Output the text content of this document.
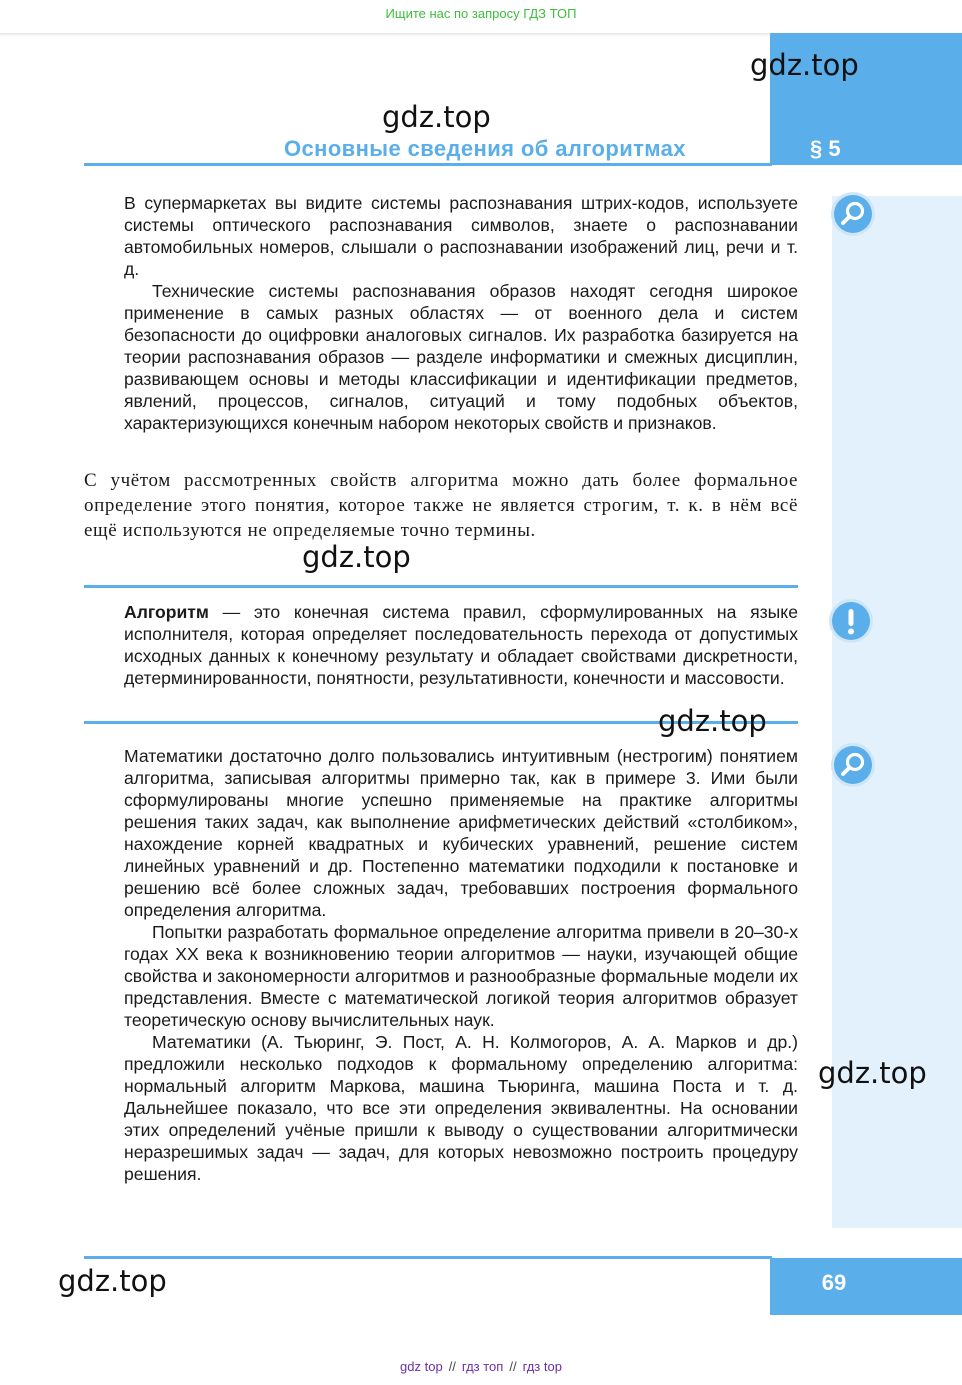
Ищите нас по запросу ГДЗ ТОП
gdz.top
gdz.top
Основные сведения об алгоритмах	§ 5

В супермаркетах вы видите системы распознавания штрих-кодов, используете системы оптического распознавания символов, знаете о распознавании автомобильных номеров, слышали о распознавании изображений лиц, речи и т. д.

Технические системы распознавания образов находят сегодня широкое применение в самых разных областях — от военного дела и систем безопасности до оцифровки аналоговых сигналов. Их разработка базируется на теории распознавания образов — разделе информатики и смежных дисциплин, развивающем основы и методы классификации и идентификации предметов, явлений, процессов, сигналов, ситуаций и тому подобных объектов, характеризующихся конечным набором некоторых свойств и признаков.

С учётом рассмотренных свойств алгоритма можно дать более формальное определение этого понятия, которое также не является строгим, т. к. в нём всё ещё используются не определяемые точно термины.

gdz.top

Алгоритм — это конечная система правил, сформулированных на языке исполнителя, которая определяет последовательность перехода от допустимых исходных данных к конечному результату и обладает свойствами дискретности, детерминированности, понятности, результативности, конечности и массовости.

gdz.top

Математики достаточно долго пользовались интуитивным (нестрогим) понятием алгоритма, записывая алгоритмы примерно так, как в примере 3. Ими были сформулированы многие успешно применяемые на практике алгоритмы решения таких задач, как выполнение арифметических действий «столбиком», нахождение корней квадратных и кубических уравнений, решение систем линейных уравнений и др. Постепенно математики подходили к постановке и решению всё более сложных задач, требовавших построения формального определения алгоритма.

Попытки разработать формальное определение алгоритма привели в 20–30-х годах XX века к возникновению теории алгоритмов — науки, изучающей общие свойства и закономерности алгоритмов и разнообразные формальные модели их представления. Вместе с математической логикой теория алгоритмов образует теоретическую основу вычислительных наук.

Математики (А. Тьюринг, Э. Пост, А. Н. Колмогоров, А. А. Марков и др.) предложили несколько подходов к формальному определению алгоритма: нормальный алгоритм Маркова, машина Тьюринга, машина Поста и т. д. Дальнейшее показало, что все эти определения эквивалентны. На основании этих определений учёные пришли к выводу о существовании алгоритмически неразрешимых задач — задач, для которых невозможно построить процедуру решения.

gdz.top
69
gdz.top
gdz top // гдз топ // гдз top
